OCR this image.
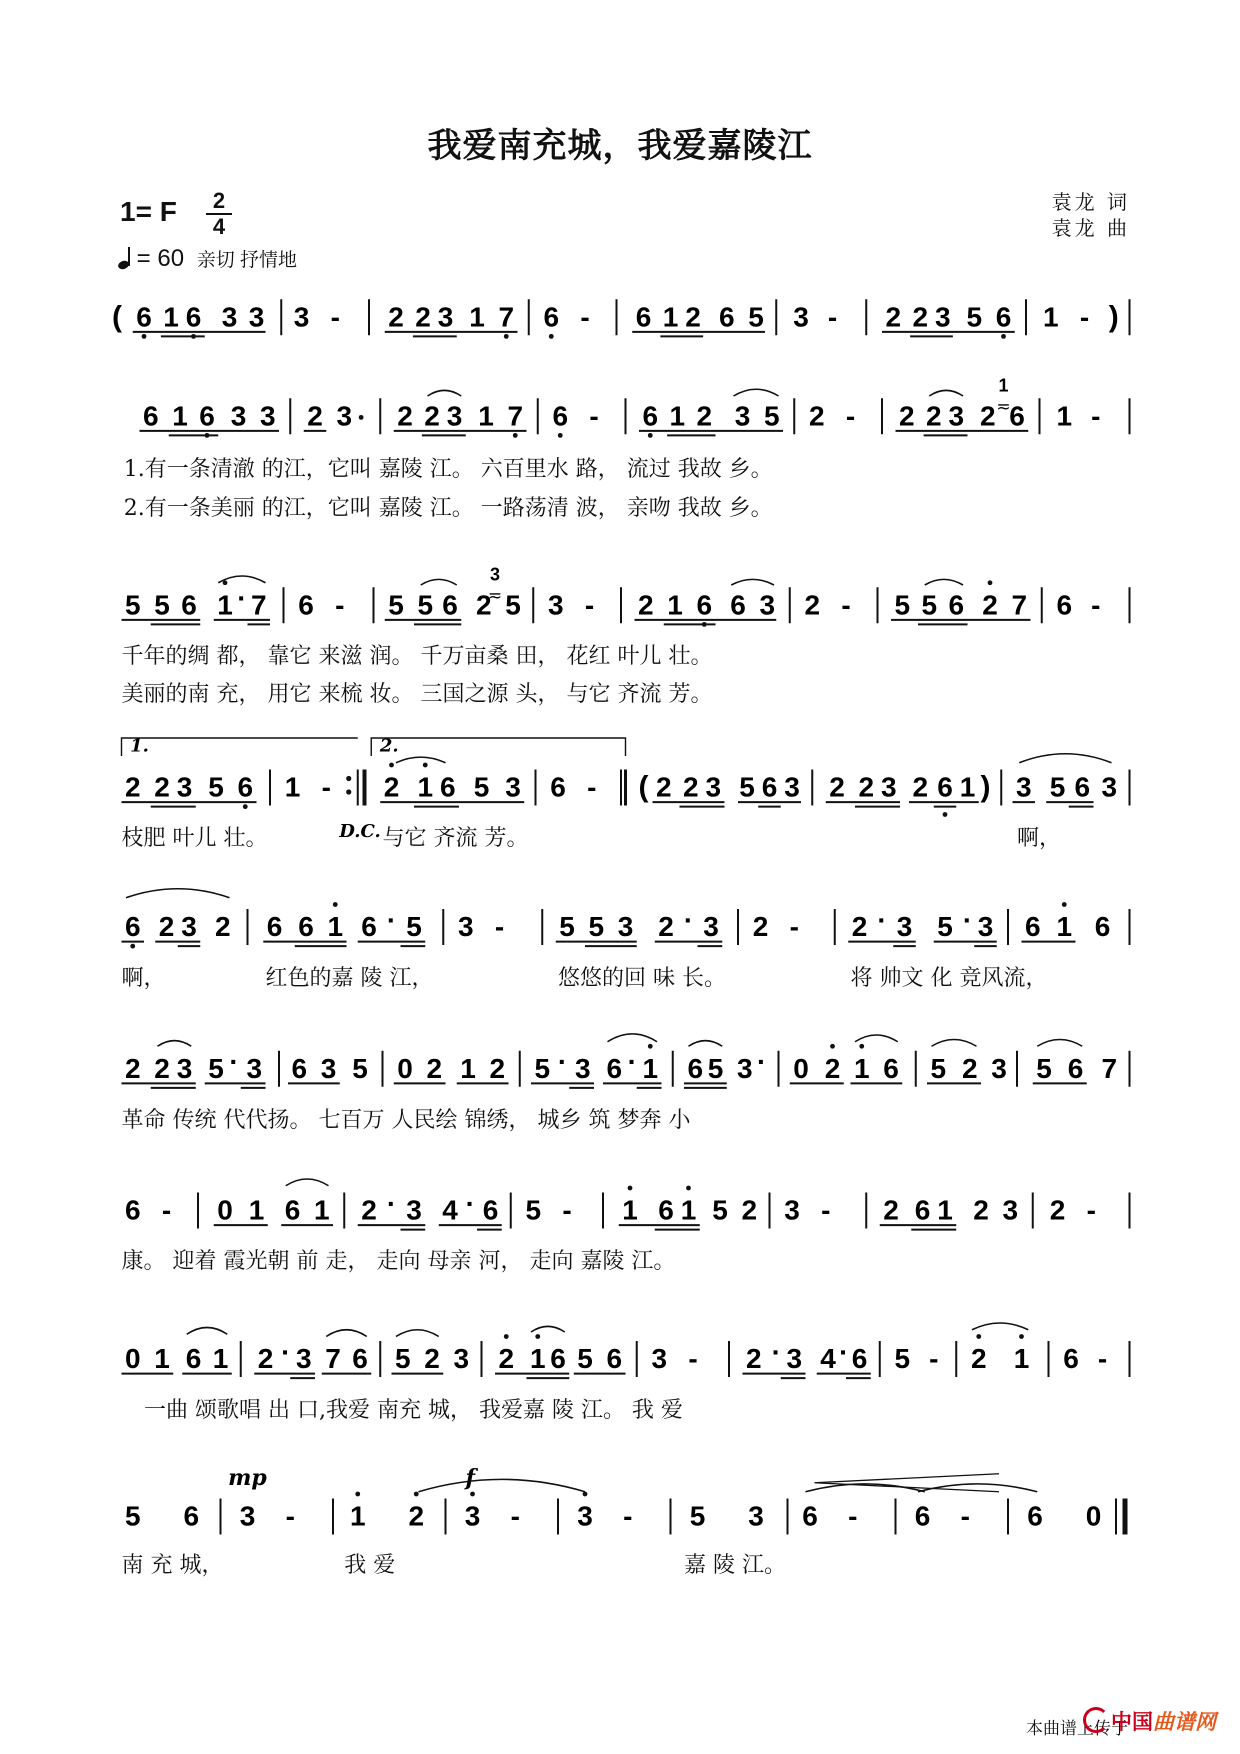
我爱南充城，我爱嘉陵江
袁龙 词
袁龙 曲
1= F	2
4
= 60 亲切 抒情地
( 6 1 6 3 3 3 - 2 2 3 1 7 6 - 6 1 2 6 5 3 - 2 2 3 5 6 1 - )
6 1 6 3 3 2 3 2 2 3 1 7 6 - 6 1 2 3 5 2 - 2 2 3 2 6
1
≂ 1 -
5 5 6 1 7
· 6 - 5 5 6 2 5
3
≂ 3 - 2 1 6 6 3 2 - 5 5 6 2 7 6 -
1.	2.
2 2 3 5 6 1 - 2 1 6 5 3 6 - ( 2 2 3 5 6 3 2 2 3 2 6 1 ) 3 5 6 3
D.C.
6 2 3 2 6 6 1 6 5
· 3 - 5 5 3 2 3
· 2 - 2 3 5 3
·	· 6 1 6
2 2 3 5 3
· 6 3 5 0 2 1 2 5 3 6 1
· · 6 5 3 · 0 2 1 6 5 2 3 5 6 7
6 - 0 1 6 1 2 3 4 6
· · 5 - 1 6 1 5 2 3 - 2 6 1 2 3 2 -
0 1 6 1 2 3 7 6
·	5 2 3 2 1 6 5 6 3 - 2 3 4 6
· · 5 - 2 1 6 -
mp	f
5 6 3 - 1 2 3 - 3 - 5 3 6 - 6 - 6 0
1.有一条清澈 的江，它叫 嘉陵 江。 六百里水 路， 流过 我故 乡。
2.有一条美丽 的江，它叫 嘉陵 江。 一路荡清 波， 亲吻 我故 乡。
千年的绸 都， 靠它 来滋 润。 千万亩桑 田， 花红 叶儿 壮。
美丽的南 充， 用它 来梳 妆。 三国之源 头， 与它 齐流 芳。
枝肥 叶儿 壮。	与它 齐流 芳。	啊，
啊，	红色的嘉 陵 江，	悠悠的回 味 长。	将 帅文 化 竞风流，
革命 传统 代代扬。 七百万 人民绘 锦绣， 城乡 筑 梦奔 小
康。 迎着 霞光朝 前 走， 走向 母亲 河， 走向 嘉陵 江。
一曲 颂歌唱 出 口,我爱 南充 城， 我爱嘉 陵 江。 我 爱
南 充 城，	我 爱	嘉 陵 江。
本曲谱上传于
中国曲谱网
